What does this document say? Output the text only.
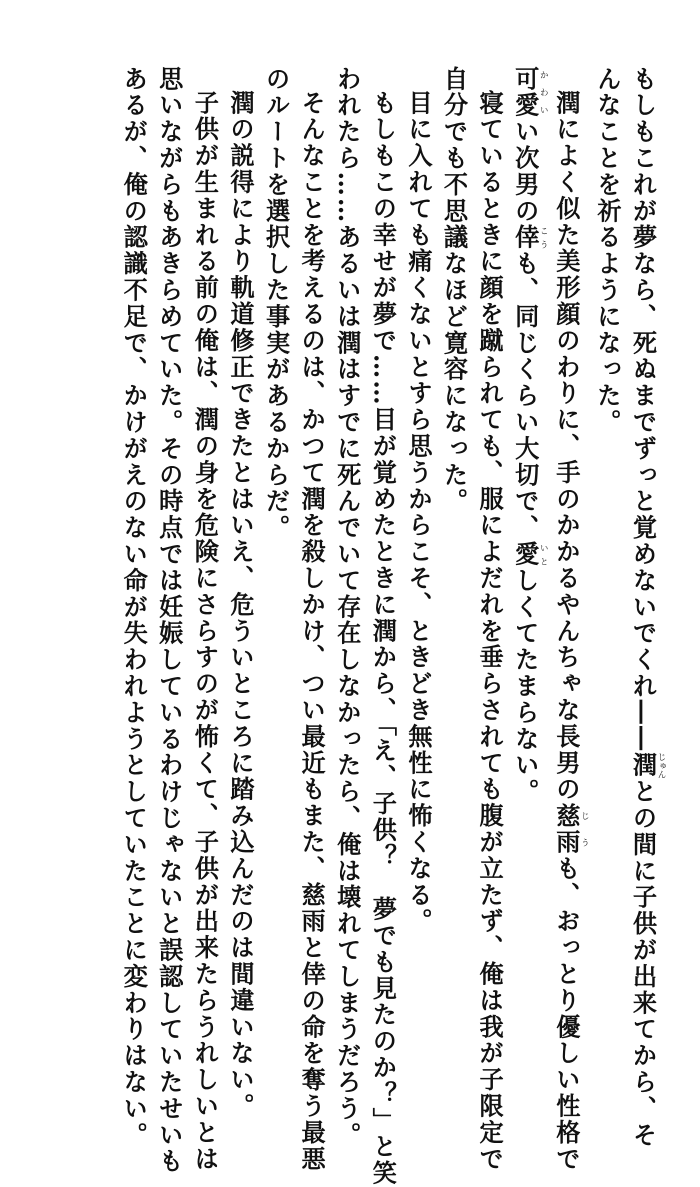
もしもこれが夢なら、死ぬまでずっと覚めないでくれ――潤じゅんとの間に子供が出来てから、そ
んなことを祈るようになった。
潤によく似た美形顔のわりに、手のかかるやんちゃな長男の慈じ雨うも、おっとり優しい性格で
可愛かわいい次男の倖こうも、同じくらい大切で、愛いとしくてたまらない。
寝ているときに顔を蹴られても、服によだれを垂らされても腹が立たず、俺は我が子限定で
自分でも不思議なほど寛容になった。
目に入れても痛くないとすら思うからこそ、ときどき無性に怖くなる。
もしもこの幸せが夢で……目が覚めたときに潤から、「え、子供？　夢でも見たのか？」と笑
われたら……あるいは潤はすでに死んでいて存在しなかったら、俺は壊れてしまうだろう。
そんなことを考えるのは、かつて潤を殺しかけ、つい最近もまた、慈雨と倖の命を奪う最悪
のルートを選択した事実があるからだ。
潤の説得により軌道修正できたとはいえ、危ういところに踏み込んだのは間違いない。
子供が生まれる前の俺は、潤の身を危険にさらすのが怖くて、子供が出来たらうれしいとは
思いながらもあきらめていた。その時点では妊娠しているわけじゃないと誤認していたせいも
あるが、俺の認識不足で、かけがえのない命が失われようとしていたことに変わりはない。
